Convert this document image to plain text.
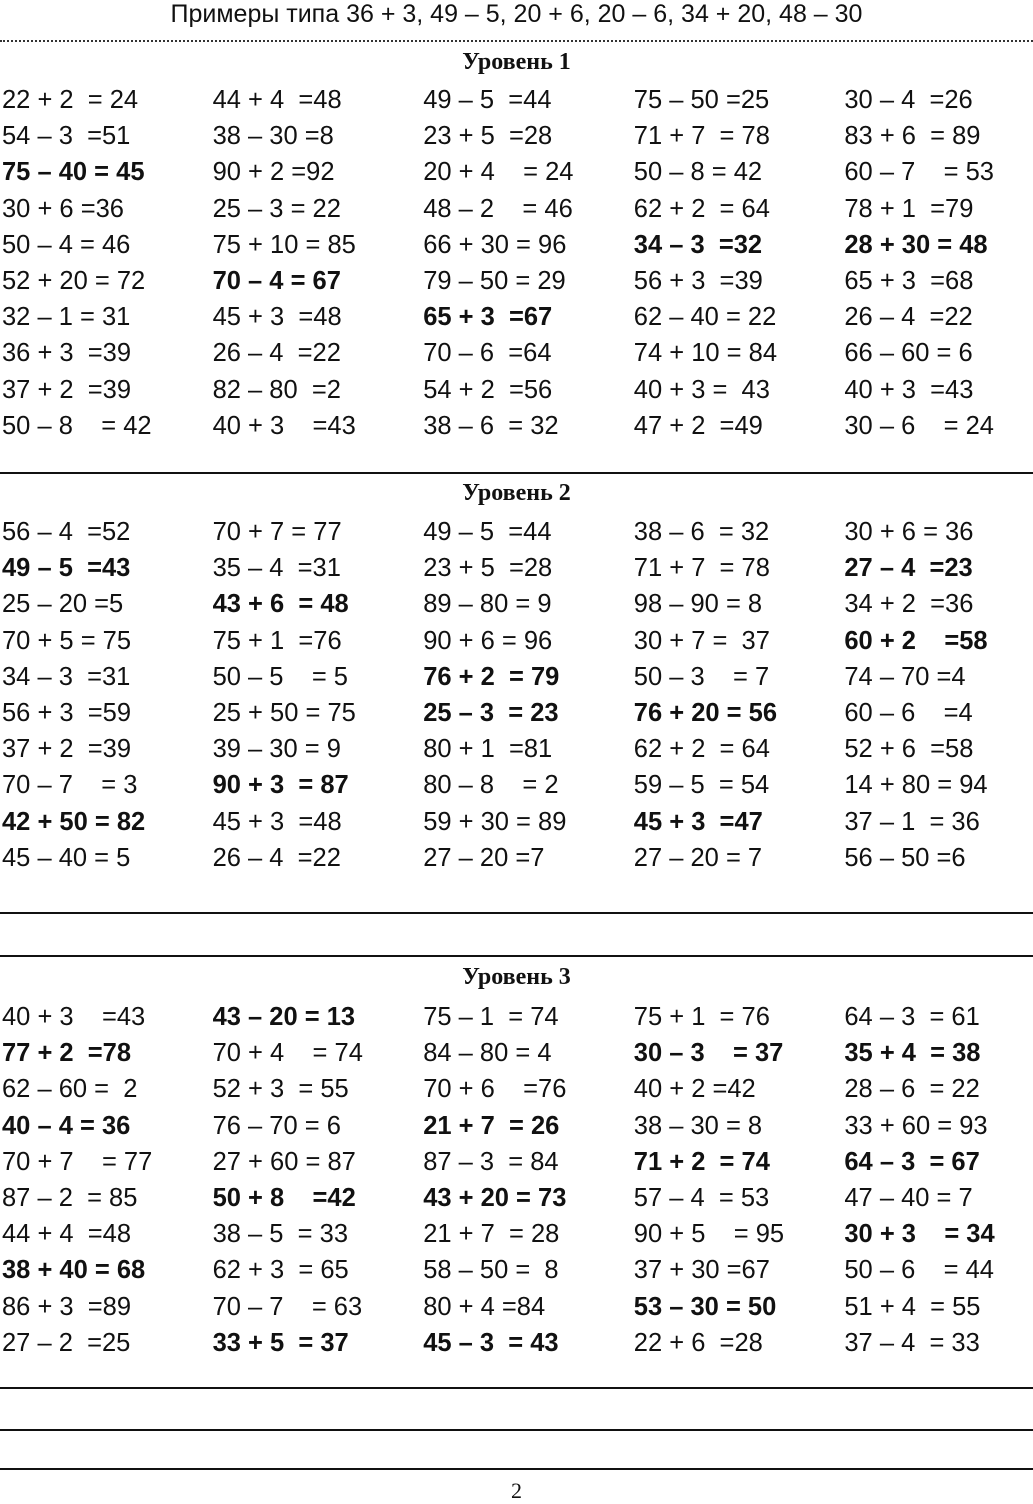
Примеры типа 36 + 3, 49 – 5, 20 + 6, 20 – 6, 34 + 20, 48 – 30
Уровень 1
22 + 2  = 24	44 + 4  =48	49 – 5  =44	75 – 50 =25	30 – 4  =26
54 – 3  =51	38 – 30 =8	23 + 5  =28	71 + 7  = 78	83 + 6  = 89
75 – 40 = 45	90 + 2 =92	20 + 4    = 24	50 – 8 = 42	60 – 7    = 53
30 + 6 =36	25 – 3 = 22	48 – 2    = 46	62 + 2  = 64	78 + 1  =79
50 – 4 = 46	75 + 10 = 85	66 + 30 = 96	34 – 3  =32	28 + 30 = 48
52 + 20 = 72	70 – 4 = 67	79 – 50 = 29	56 + 3  =39	65 + 3  =68
32 – 1 = 31	45 + 3  =48	65 + 3  =67	62 – 40 = 22	26 – 4  =22
36 + 3  =39	26 – 4  =22	70 – 6  =64	74 + 10 = 84	66 – 60 = 6
37 + 2  =39	82 – 80  =2	54 + 2  =56	40 + 3 =  43	40 + 3  =43
50 – 8    = 42	40 + 3    =43	38 – 6  = 32	47 + 2  =49	30 – 6    = 24
Уровень 2
56 – 4  =52	70 + 7 = 77	49 – 5  =44	38 – 6  = 32	30 + 6 = 36
49 – 5  =43	35 – 4  =31	23 + 5  =28	71 + 7  = 78	27 – 4  =23
25 – 20 =5	43 + 6  = 48	89 – 80 = 9	98 – 90 = 8	34 + 2  =36
70 + 5 = 75	75 + 1  =76	90 + 6 = 96	30 + 7 =  37	60 + 2    =58
34 – 3  =31	50 – 5    = 5	76 + 2  = 79	50 – 3    = 7	74 – 70 =4
56 + 3  =59	25 + 50 = 75	25 – 3  = 23	76 + 20 = 56	60 – 6    =4
37 + 2  =39	39 – 30 = 9	80 + 1  =81	62 + 2  = 64	52 + 6  =58
70 – 7    = 3	90 + 3  = 87	80 – 8    = 2	59 – 5  = 54	14 + 80 = 94
42 + 50 = 82	45 + 3  =48	59 + 30 = 89	45 + 3  =47	37 – 1  = 36
45 – 40 = 5	26 – 4  =22	27 – 20 =7	27 – 20 = 7	56 – 50 =6
Уровень 3
40 + 3    =43	43 – 20 = 13	75 – 1  = 74	75 + 1  = 76	64 – 3  = 61
77 + 2  =78	70 + 4    = 74	84 – 80 = 4	30 – 3    = 37	35 + 4  = 38
62 – 60 =  2	52 + 3  = 55	70 + 6    =76	40 + 2 =42	28 – 6  = 22
40 – 4 = 36	76 – 70 = 6	21 + 7  = 26	38 – 30 = 8	33 + 60 = 93
70 + 7    = 77	27 + 60 = 87	87 – 3  = 84	71 + 2  = 74	64 – 3  = 67
87 – 2  = 85	50 + 8    =42	43 + 20 = 73	57 – 4  = 53	47 – 40 = 7
44 + 4  =48	38 – 5  = 33	21 + 7  = 28	90 + 5    = 95	30 + 3    = 34
38 + 40 = 68	62 + 3  = 65	58 – 50 =  8	37 + 30 =67	50 – 6    = 44
86 + 3  =89	70 – 7    = 63	80 + 4 =84	53 – 30 = 50	51 + 4  = 55
27 – 2  =25	33 + 5  = 37	45 – 3  = 43	22 + 6  =28	37 – 4  = 33
2
